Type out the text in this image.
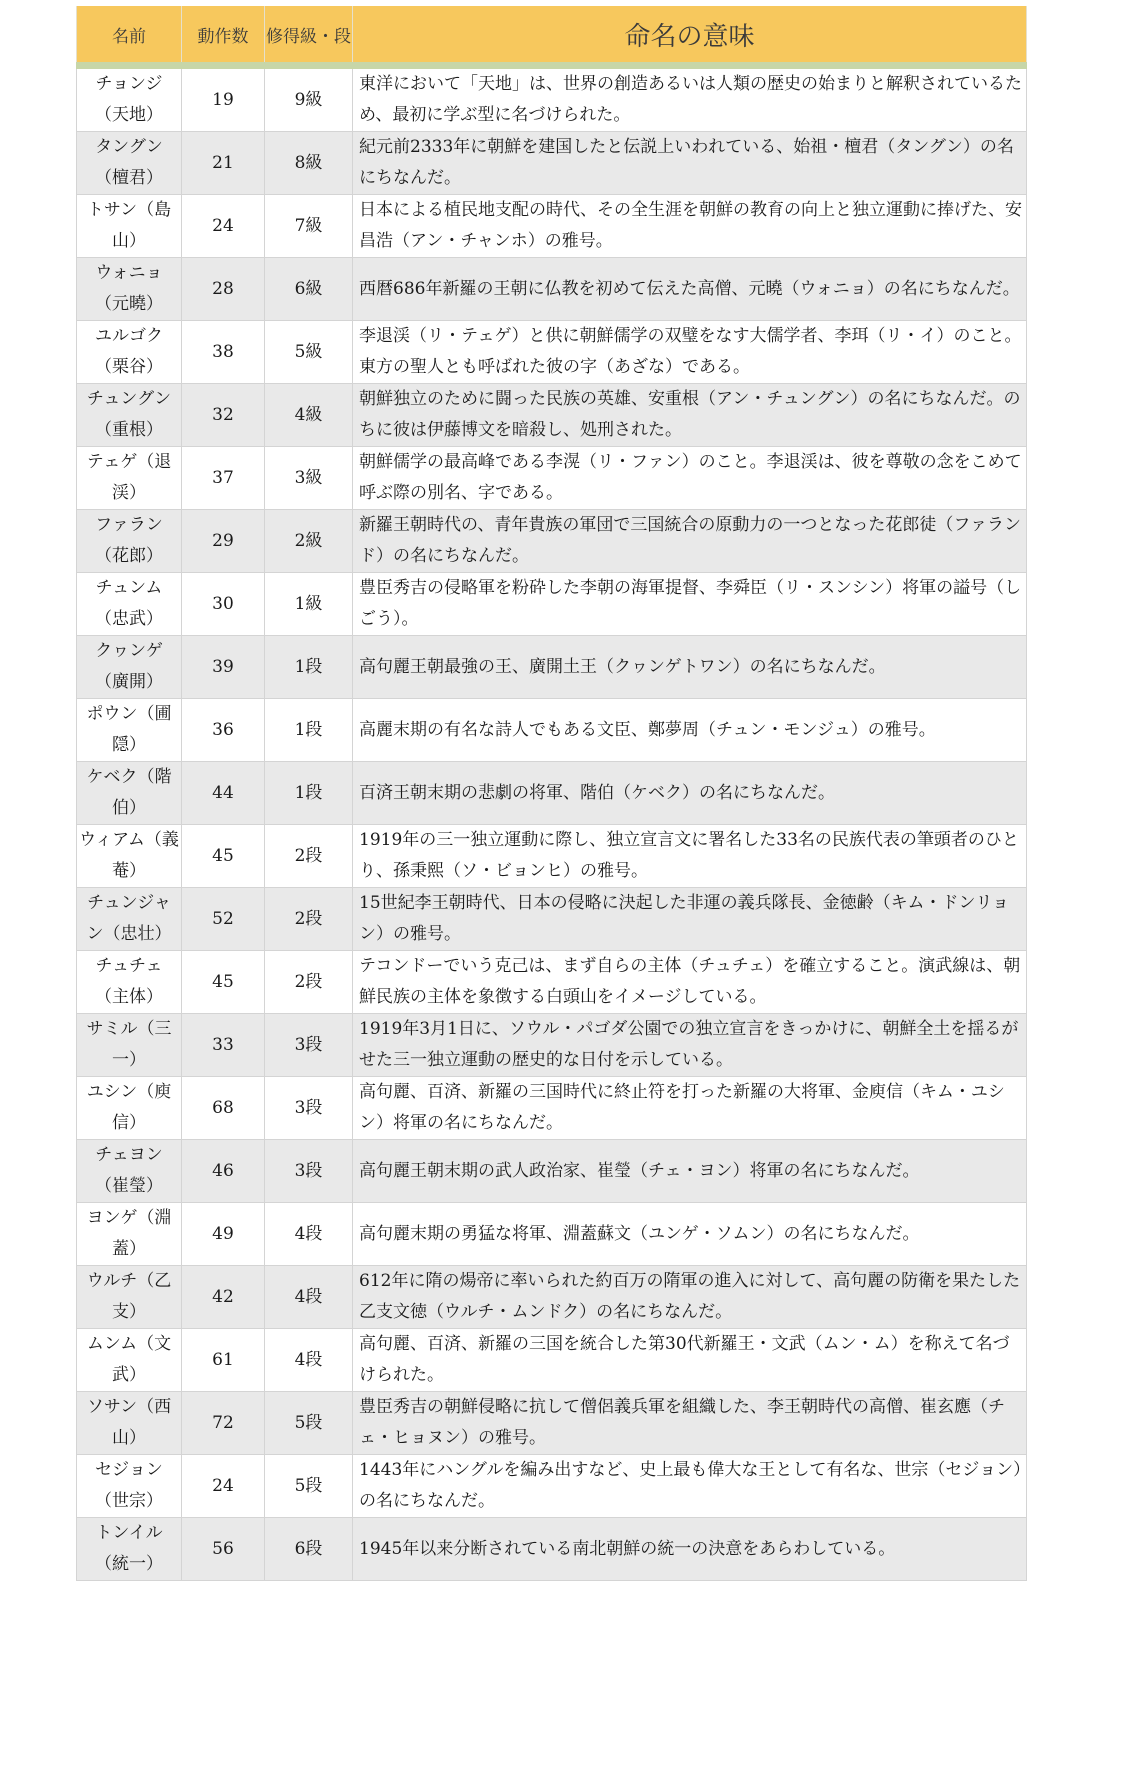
名前	動作数	修得級・段	命名の意味
チョンジ（天地）	19	9級	東洋において「天地」は、世界の創造あるいは人類の歴史の始まりと解釈されているため、最初に学ぶ型に名づけられた。
タングン（檀君）	21	8級	紀元前2333年に朝鮮を建国したと伝説上いわれている、始祖・檀君（タングン）の名にちなんだ。
トサン（島山）	24	7級	日本による植民地支配の時代、その全生涯を朝鮮の教育の向上と独立運動に捧げた、安昌浩（アン・チャンホ）の雅号。
ウォニョ（元曉）	28	6級	西暦686年新羅の王朝に仏教を初めて伝えた高僧、元曉（ウォニョ）の名にちなんだ。
ユルゴク（栗谷）	38	5級	李退渓（リ・テェゲ）と供に朝鮮儒学の双璧をなす大儒学者、李珥（リ・イ）のこと。東方の聖人とも呼ばれた彼の字（あざな）である。
チュングン（重根）	32	4級	朝鮮独立のために闘った民族の英雄、安重根（アン・チュングン）の名にちなんだ。のちに彼は伊藤博文を暗殺し、処刑された。
テェゲ（退渓）	37	3級	朝鮮儒学の最高峰である李滉（リ・ファン）のこと。李退渓は、彼を尊敬の念をこめて呼ぶ際の別名、字である。
ファラン（花郎）	29	2級	新羅王朝時代の、青年貴族の軍団で三国統合の原動力の一つとなった花郎徒（ファランド）の名にちなんだ。
チュンム（忠武）	30	1級	豊臣秀吉の侵略軍を粉砕した李朝の海軍提督、李舜臣（リ・スンシン）将軍の謚号（しごう）。
クヮンゲ（廣開）	39	1段	高句麗王朝最強の王、廣開土王（クヮンゲトワン）の名にちなんだ。
ポウン（圃隠）	36	1段	高麗末期の有名な詩人でもある文臣、鄭夢周（チュン・モンジュ）の雅号。
ケベク（階伯）	44	1段	百済王朝末期の悲劇の将軍、階伯（ケベク）の名にちなんだ。
ウィアム（義菴）	45	2段	1919年の三一独立運動に際し、独立宣言文に署名した33名の民族代表の筆頭者のひとり、孫秉熙（ソ・ビョンヒ）の雅号。
チュンジャン（忠壮）	52	2段	15世紀李王朝時代、日本の侵略に決起した非運の義兵隊長、金徳齢（キム・ドンリョン）の雅号。
チュチェ（主体）	45	2段	テコンドーでいう克己は、まず自らの主体（チュチェ）を確立すること。演武線は、朝鮮民族の主体を象徴する白頭山をイメージしている。
サミル（三一）	33	3段	1919年3月1日に、ソウル・パゴダ公園での独立宣言をきっかけに、朝鮮全土を揺るがせた三一独立運動の歴史的な日付を示している。
ユシン（庾信）	68	3段	高句麗、百済、新羅の三国時代に終止符を打った新羅の大将軍、金庾信（キム・ユシン）将軍の名にちなんだ。
チェヨン（崔瑩）	46	3段	高句麗王朝末期の武人政治家、崔瑩（チェ・ヨン）将軍の名にちなんだ。
ヨンゲ（淵蓋）	49	4段	高句麗末期の勇猛な将軍、淵蓋蘇文（ユンゲ・ソムン）の名にちなんだ。
ウルチ（乙支）	42	4段	612年に隋の煬帝に率いられた約百万の隋軍の進入に対して、高句麗の防衛を果たした乙支文徳（ウルチ・ムンドク）の名にちなんだ。
ムンム（文武）	61	4段	高句麗、百済、新羅の三国を統合した第30代新羅王・文武（ムン・ム）を称えて名づけられた。
ソサン（西山）	72	5段	豊臣秀吉の朝鮮侵略に抗して僧侶義兵軍を組織した、李王朝時代の高僧、崔玄應（チェ・ヒョヌン）の雅号。
セジョン（世宗）	24	5段	1443年にハングルを編み出すなど、史上最も偉大な王として有名な、世宗（セジョン）の名にちなんだ。
トンイル（統一）	56	6段	1945年以来分断されている南北朝鮮の統一の決意をあらわしている。
